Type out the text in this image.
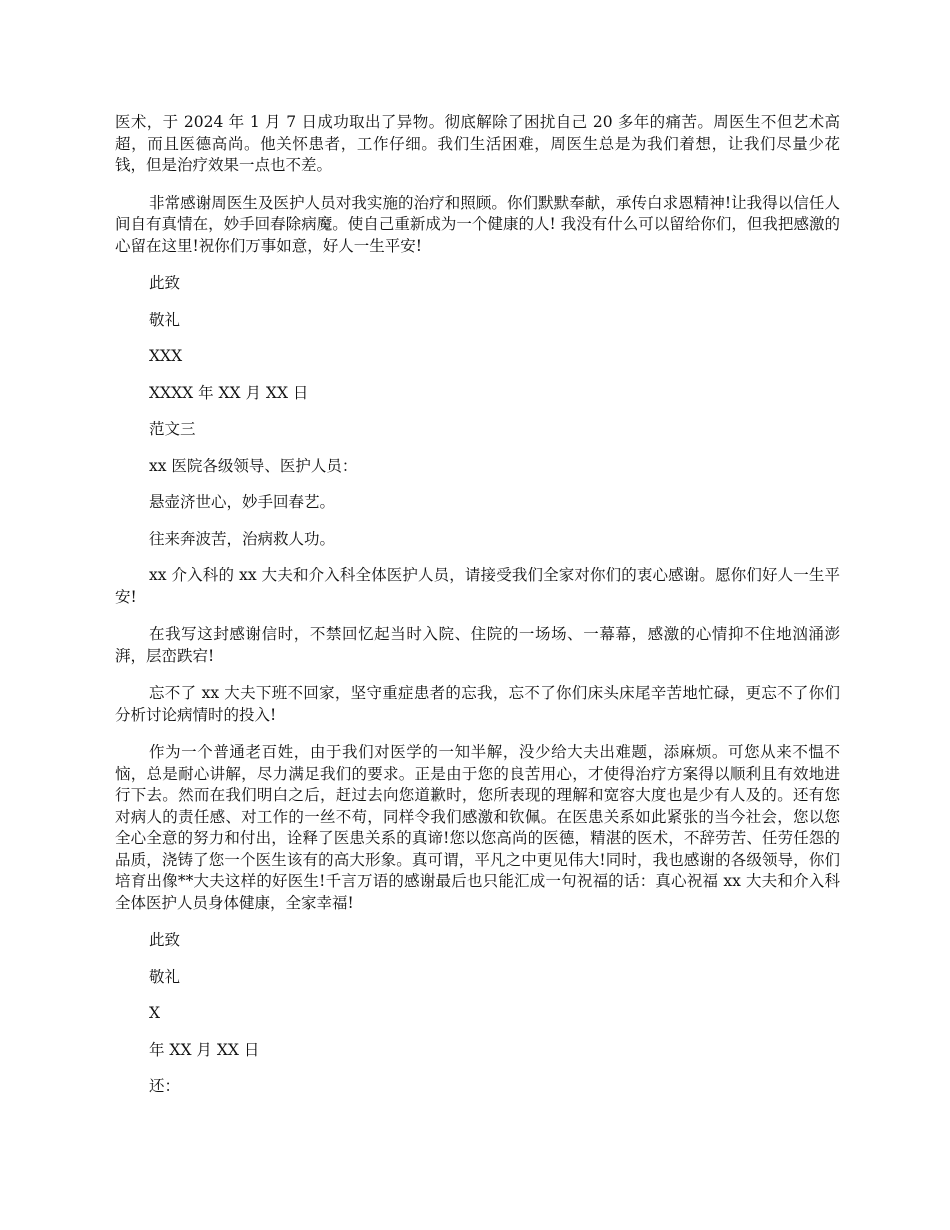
医术，于 2024 年 1 月 7 日成功取出了异物。彻底解除了困扰自己 20 多年的痛苦。周医生不但艺术高超，而且医德高尚。他关怀患者，工作仔细。我们生活困难，周医生总是为我们着想，让我们尽量少花钱，但是治疗效果一点也不差。

非常感谢周医生及医护人员对我实施的治疗和照顾。你们默默奉献，承传白求恩精神!让我得以信任人间自有真情在，妙手回春除病魔。使自己重新成为一个健康的人! 我没有什么可以留给你们，但我把感激的心留在这里!祝你们万事如意，好人一生平安!

此致

敬礼

XXX

XXXX 年 XX 月 XX 日

范文三

xx 医院各级领导、医护人员：

悬壶济世心，妙手回春艺。

往来奔波苦，治病救人功。

xx 介入科的 xx 大夫和介入科全体医护人员，请接受我们全家对你们的衷心感谢。愿你们好人一生平安!

在我写这封感谢信时，不禁回忆起当时入院、住院的一场场、一幕幕，感激的心情抑不住地汹涌澎湃，层峦跌宕!

忘不了 xx 大夫下班不回家，坚守重症患者的忘我，忘不了你们床头床尾辛苦地忙碌，更忘不了你们分析讨论病情时的投入!

作为一个普通老百姓，由于我们对医学的一知半解，没少给大夫出难题，添麻烦。可您从来不愠不恼，总是耐心讲解，尽力满足我们的要求。正是由于您的良苦用心，才使得治疗方案得以顺利且有效地进行下去。然而在我们明白之后，赶过去向您道歉时，您所表现的理解和宽容大度也是少有人及的。还有您对病人的责任感、对工作的一丝不苟，同样令我们感激和钦佩。在医患关系如此紧张的当今社会，您以您全心全意的努力和付出，诠释了医患关系的真谛!您以您高尚的医德，精湛的医术，不辞劳苦、任劳任怨的品质，浇铸了您一个医生该有的高大形象。真可谓，平凡之中更见伟大!同时，我也感谢的各级领导，你们培育出像**大夫这样的好医生!千言万语的感谢最后也只能汇成一句祝福的话：真心祝福 xx 大夫和介入科全体医护人员身体健康，全家幸福!

此致

敬礼

X

年 XX 月 XX 日

还：
